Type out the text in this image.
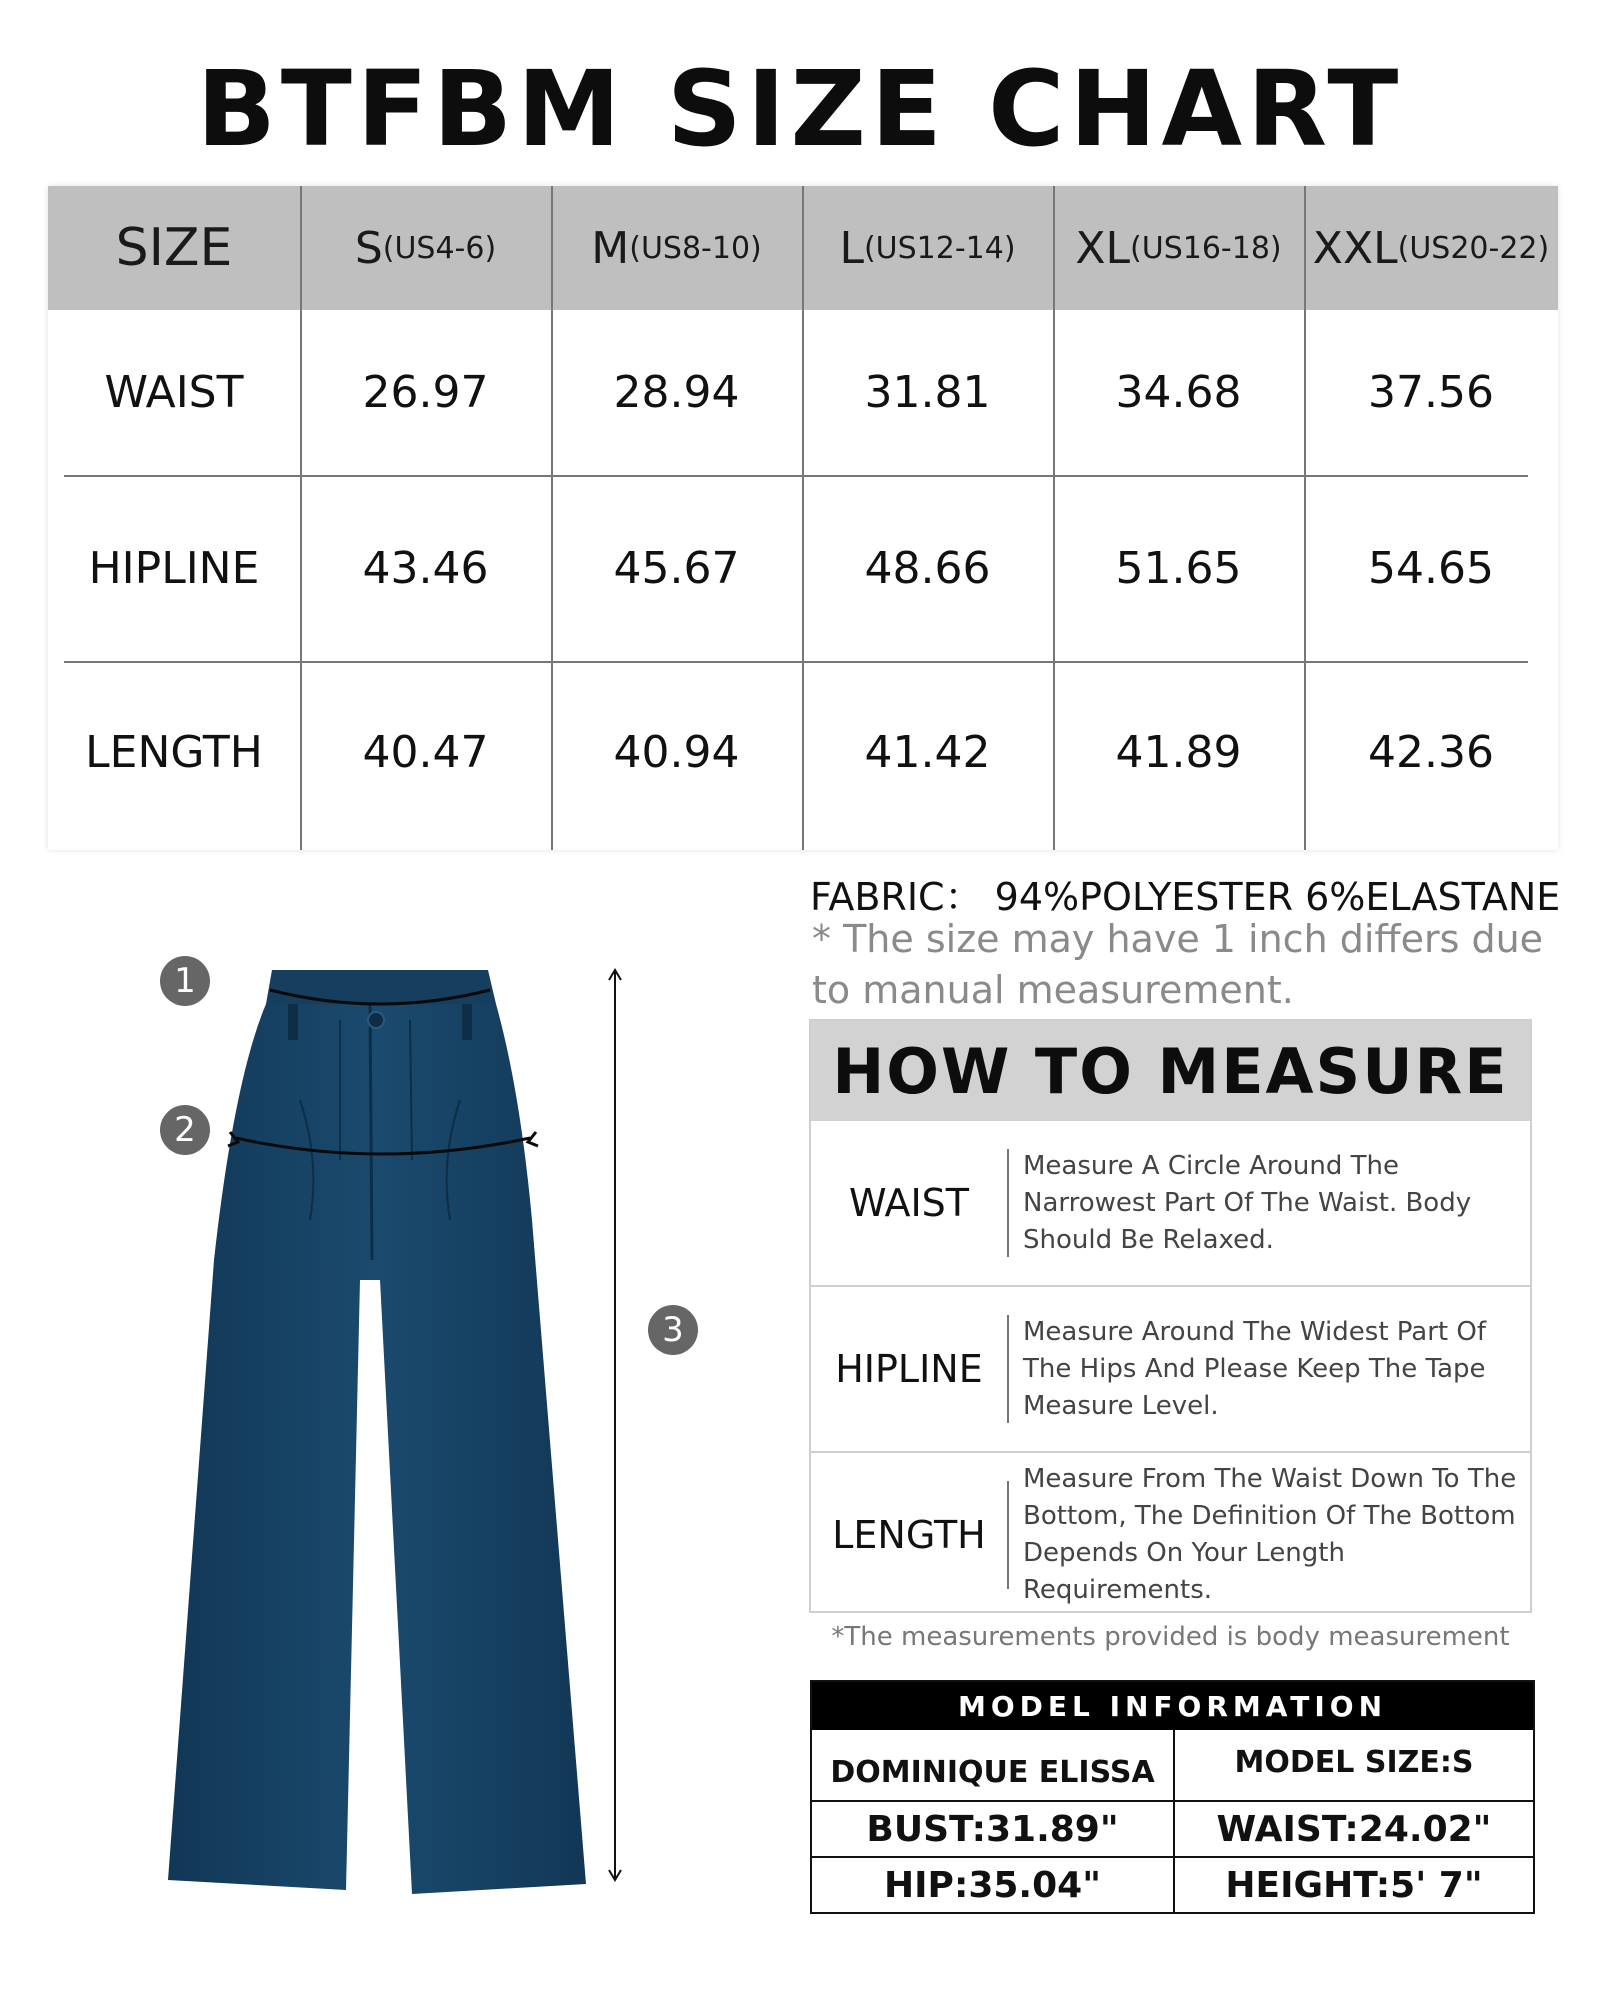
BTFBM SIZE CHART
SIZE	S (US4-6) M (US8-10) L (US12-14) XL (US16-18) XXL (US20-22)
WAIST	26.97	28.94	31.81	34.68	37.56
HIPLINE	43.46	45.67	48.66	51.65	54.65
LENGTH	40.47	40.94	41.42	41.89	42.36
FABRIC： 94%POLYESTER 6%ELASTANE
* The size may have 1 inch differs due to manual measurement.
HOW TO MEASURE
WAIST
Measure A Circle Around The Narrowest Part Of The Waist. Body Should Be Relaxed.
HIPLINE
Measure Around The Widest Part Of The Hips And Please Keep The Tape Measure Level.
LENGTH
Measure From The Waist Down To The Bottom, The Definition Of The Bottom Depends On Your Length Requirements.
*The measurements provided is body measurement
MODEL INFORMATION
DOMINIQUE ELISSA	MODEL SIZE:S
BUST:31.89"	WAIST:24.02"
HIP:35.04"	HEIGHT:5' 7"
1
2
3
